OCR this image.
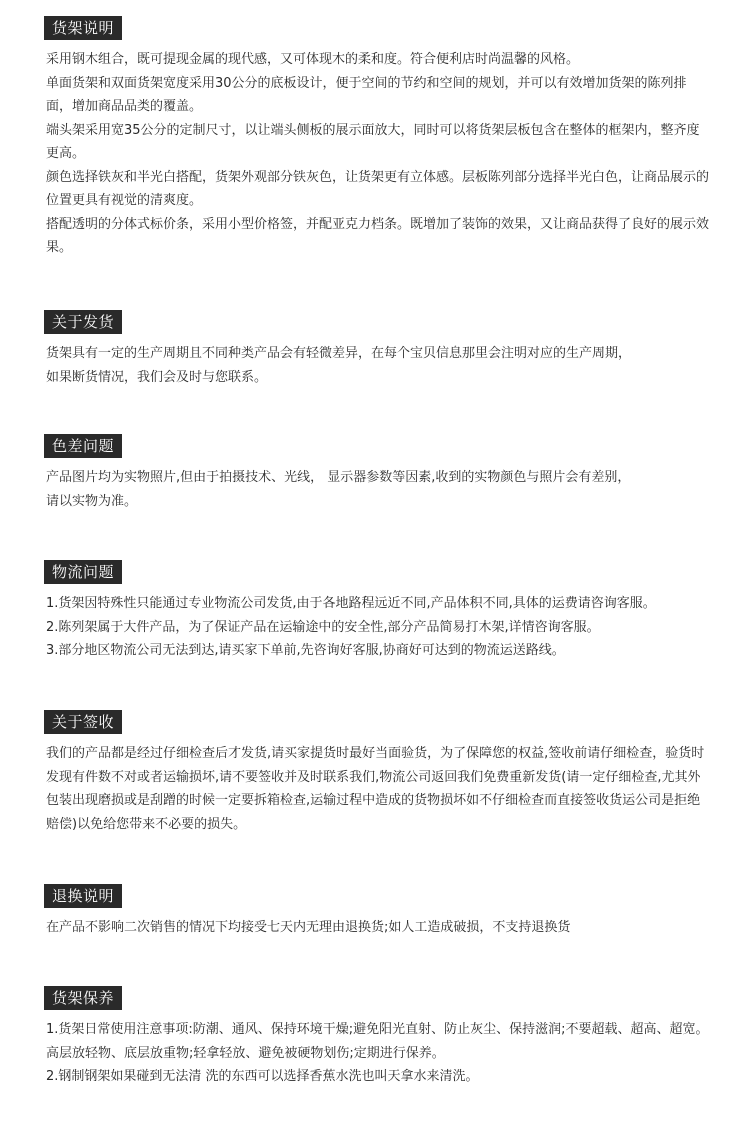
货架说明

采用钢木组合，既可提现金属的现代感，又可体现木的柔和度。符合便利店时尚温馨的风格。

单面货架和双面货架宽度采用30公分的底板设计，便于空间的节约和空间的规划，并可以有效增加货架的陈列排面，增加商品品类的覆盖。

端头架采用宽35公分的定制尺寸，以让端头侧板的展示面放大，同时可以将货架层板包含在整体的框架内，整齐度更高。

颜色选择铁灰和半光白搭配，货架外观部分铁灰色，让货架更有立体感。层板陈列部分选择半光白色，让商品展示的位置更具有视觉的清爽度。

搭配透明的分体式标价条，采用小型价格签，并配亚克力档条。既增加了装饰的效果，又让商品获得了良好的展示效果。

关于发货

货架具有一定的生产周期且不同种类产品会有轻微差异，在每个宝贝信息那里会注明对应的生产周期，

如果断货情况，我们会及时与您联系。

色差问题

产品图片均为实物照片,但由于拍摄技术、光线， 显示器参数等因素,收到的实物颜色与照片会有差别，

请以实物为准。

物流问题

1.货架因特殊性只能通过专业物流公司发货,由于各地路程远近不同,产品体积不同,具体的运费请咨询客服。

2.陈列架属于大件产品，为了保证产品在运输途中的安全性,部分产品简易打木架,详情咨询客服。

3.部分地区物流公司无法到达,请买家下单前,先咨询好客服,协商好可达到的物流运送路线。

关于签收

我们的产品都是经过仔细检查后才发货,请买家提货时最好当面验货，为了保障您的权益,签收前请仔细检查，验货时发现有件数不对或者运输损坏,请不要签收并及时联系我们,物流公司返回我们免费重新发货(请一定仔细检查,尤其外包装出现磨损或是刮蹭的时候一定要拆箱检查,运输过程中造成的货物损坏如不仔细检查而直接签收货运公司是拒绝赔偿)以免给您带来不必要的损失。

退换说明

在产品不影响二次销售的情况下均接受七天内无理由退换货;如人工造成破损，不支持退换货

货架保养

1.货架日常使用注意事项:防潮、通风、保持环境干燥;避免阳光直射、防止灰尘、保持滋润;不要超载、超高、超宽。高层放轻物、底层放重物;轻拿轻放、避免被硬物划伤;定期进行保养。

2.钢制钢架如果碰到无法清 洗的东西可以选择香蕉水洗也叫天拿水来清洗。
